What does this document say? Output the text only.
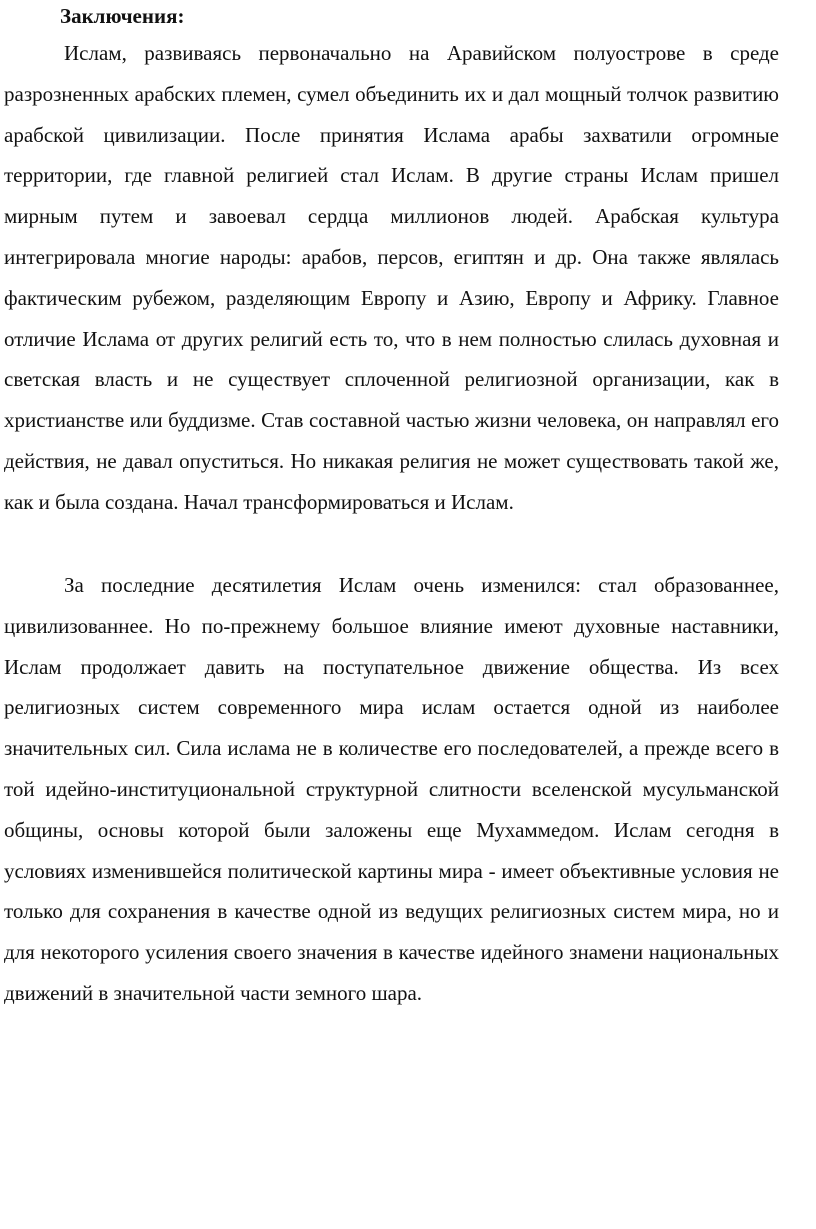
Заключения:

Ислам, развиваясь первоначально на Аравийском полуострове в среде разрозненных арабских племен, сумел объединить их и дал мощный толчок развитию арабской цивилизации. После принятия Ислама арабы захватили огромные территории, где главной религией стал Ислам. В другие страны Ислам пришел мирным путем и завоевал сердца миллионов людей. Арабская культура интегрировала многие народы: арабов, персов, египтян и др. Она также являлась фактическим рубежом, разделяющим Европу и Азию, Европу и Африку. Главное отличие Ислама от других религий есть то, что в нем полностью слилась духовная и светская власть и не существует сплоченной религиозной организации, как в христианстве или буддизме. Став составной частью жизни человека, он направлял его действия, не давал опуститься. Но никакая религия не может существовать такой же, как и была создана. Начал трансформироваться и Ислам.

За последние десятилетия Ислам очень изменился: стал образованнее, цивилизованнее. Но по-прежнему большое влияние имеют духовные наставники, Ислам продолжает давить на поступательное движение общества. Из всех религиозных систем современного мира ислам остается одной из наиболее значительных сил. Сила ислама не в количестве его последователей, а прежде всего в той идейно-институциональной структурной слитности вселенской мусульманской общины, основы которой были заложены еще Мухаммедом. Ислам сегодня в условиях изменившейся политической картины мира - имеет объективные условия не только для сохранения в качестве одной из ведущих религиозных систем мира, но и для некоторого усиления своего значения в качестве идейного знамени национальных движений в значительной части земного шара.
